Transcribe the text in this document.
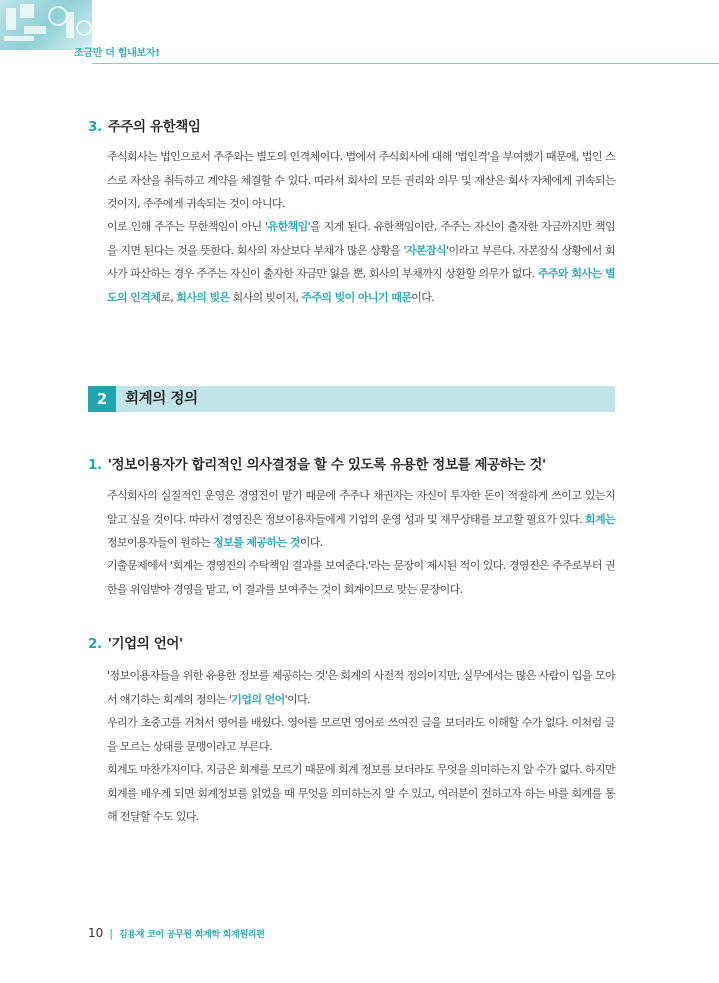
조금만 더 힘내보자!
3. 주주의 유한책임

주식회사는 법인으로서 주주와는 별도의 인격체이다. 법에서 주식회사에 대해 '법인격'을 부여했기 때문에, 법인 스스로 자산을 취득하고 계약을 체결할 수 있다. 따라서 회사의 모든 권리와 의무 및 재산은 회사 자체에게 귀속되는 것이지, 주주에게 귀속되는 것이 아니다.

이로 인해 주주는 무한책임이 아닌 '유한책임'을 지게 된다. 유한책임이란, 주주는 자신이 출자한 자금까지만 책임을 지면 된다는 것을 뜻한다. 회사의 자산보다 부채가 많은 상황을 '자본잠식'이라고 부른다. 자본잠식 상황에서 회사가 파산하는 경우 주주는 자신이 출자한 자금만 잃을 뿐, 회사의 부채까지 상환할 의무가 없다. 주주와 회사는 별도의 인격체로, 회사의 빚은 회사의 빚이지, 주주의 빚이 아니기 때문이다.

2	회계의 정의
1. '정보이용자가 합리적인 의사결정을 할 수 있도록 유용한 정보를 제공하는 것'

주식회사의 실질적인 운영은 경영진이 맡기 때문에 주주나 채권자는 자신이 투자한 돈이 적절하게 쓰이고 있는지 알고 싶을 것이다. 따라서 경영진은 정보이용자들에게 기업의 운영 성과 및 재무상태를 보고할 필요가 있다. 회계는 정보이용자들이 원하는 정보를 제공하는 것이다.

기출문제에서 '회계는 경영진의 수탁책임 결과를 보여준다.'라는 문장이 제시된 적이 있다. 경영진은 주주로부터 권한을 위임받아 경영을 맡고, 이 결과를 보여주는 것이 회계이므로 맞는 문장이다.

2. '기업의 언어'

'정보이용자들을 위한 유용한 정보를 제공하는 것'은 회계의 사전적 정의이지만, 실무에서는 많은 사람이 입을 모아서 얘기하는 회계의 정의는 '기업의 언어'이다.

우리가 초중고를 거쳐서 영어를 배웠다. 영어를 모르면 영어로 쓰여진 글을 보더라도 이해할 수가 없다. 이처럼 글을 모르는 상태를 문맹이라고 부른다.

회계도 마찬가지이다. 지금은 회계를 모르기 때문에 회계 정보를 보더라도 무엇을 의미하는지 알 수가 없다. 하지만 회계를 배우게 되면 회계정보를 읽었을 때 무엇을 의미하는지 알 수 있고, 여러분이 전하고자 하는 바를 회계를 통해 전달할 수도 있다.

10 | 김용재 코어 공무원 회계학 회계원리편
